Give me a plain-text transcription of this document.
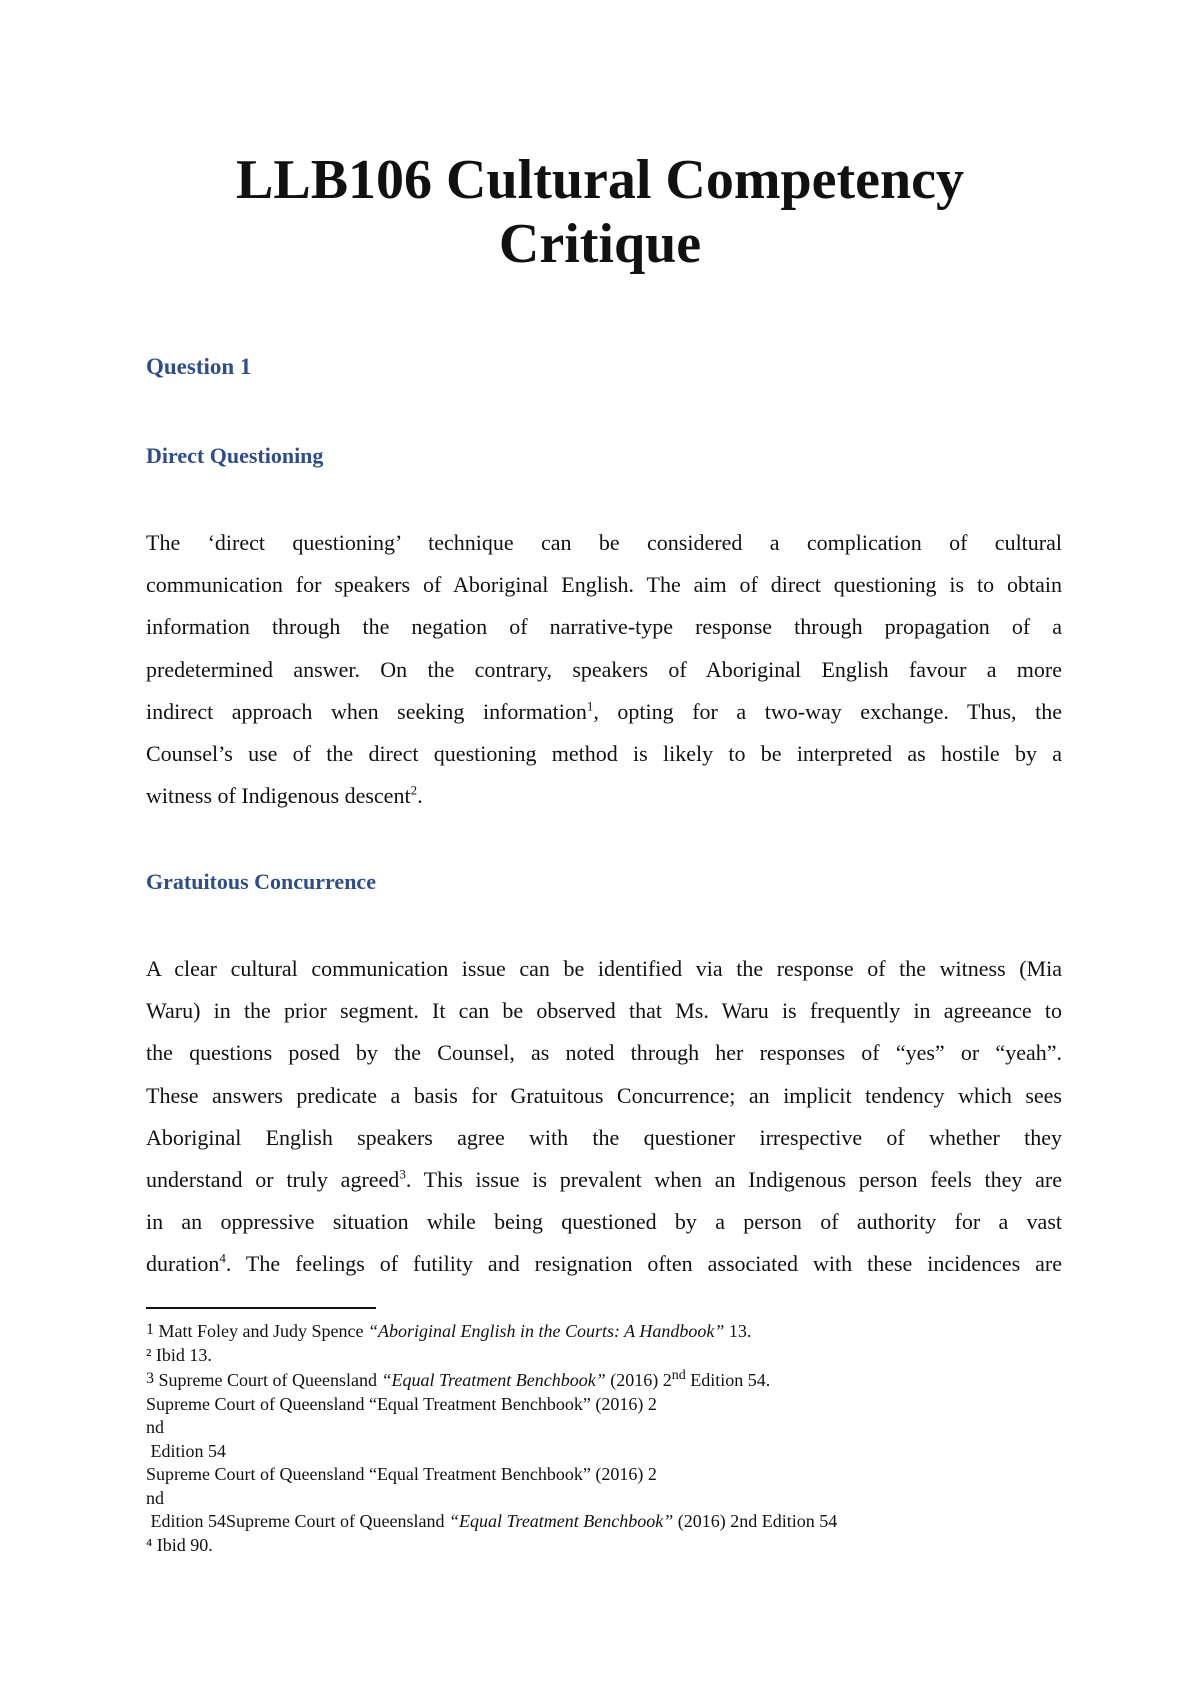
LLB106 Cultural Competency
Critique
Question 1
Direct Questioning

The ‘direct questioning’ technique can be considered a complication of cultural
communication for speakers of Aboriginal English. The aim of direct questioning is to obtain
information through the negation of narrative-type response through propagation of a
predetermined answer. On the contrary, speakers of Aboriginal English favour a more
indirect approach when seeking information$^1$, opting for a two-way exchange. Thus, the
Counsel’s use of the direct questioning method is likely to be interpreted as hostile by a
witness of Indigenous descent$^2$.

Gratuitous Concurrence

A clear cultural communication issue can be identified via the response of the witness (Mia
Waru) in the prior segment. It can be observed that Ms. Waru is frequently in agreeance to
the questions posed by the Counsel, as noted through her responses of “yes” or “yeah”.
These answers predicate a basis for Gratuitous Concurrence; an implicit tendency which sees
Aboriginal English speakers agree with the questioner irrespective of whether they
understand or truly agreed$^3$. This issue is prevalent when an Indigenous person feels they are
in an oppressive situation while being questioned by a person of authority for a vast
duration$^4$. The feelings of futility and resignation often associated with these incidences are

1 Matt Foley and Judy Spence “Aboriginal English in the Courts: A Handbook” 13.
² Ibid 13.
3 Supreme Court of Queensland “Equal Treatment Benchbook” (2016) 2nd Edition 54.
Supreme Court of Queensland “Equal Treatment Benchbook” (2016) 2
nd
Edition 54
Supreme Court of Queensland “Equal Treatment Benchbook” (2016) 2
nd
Edition 54Supreme Court of Queensland “Equal Treatment Benchbook” (2016) 2nd Edition 54
⁴ Ibid 90.
